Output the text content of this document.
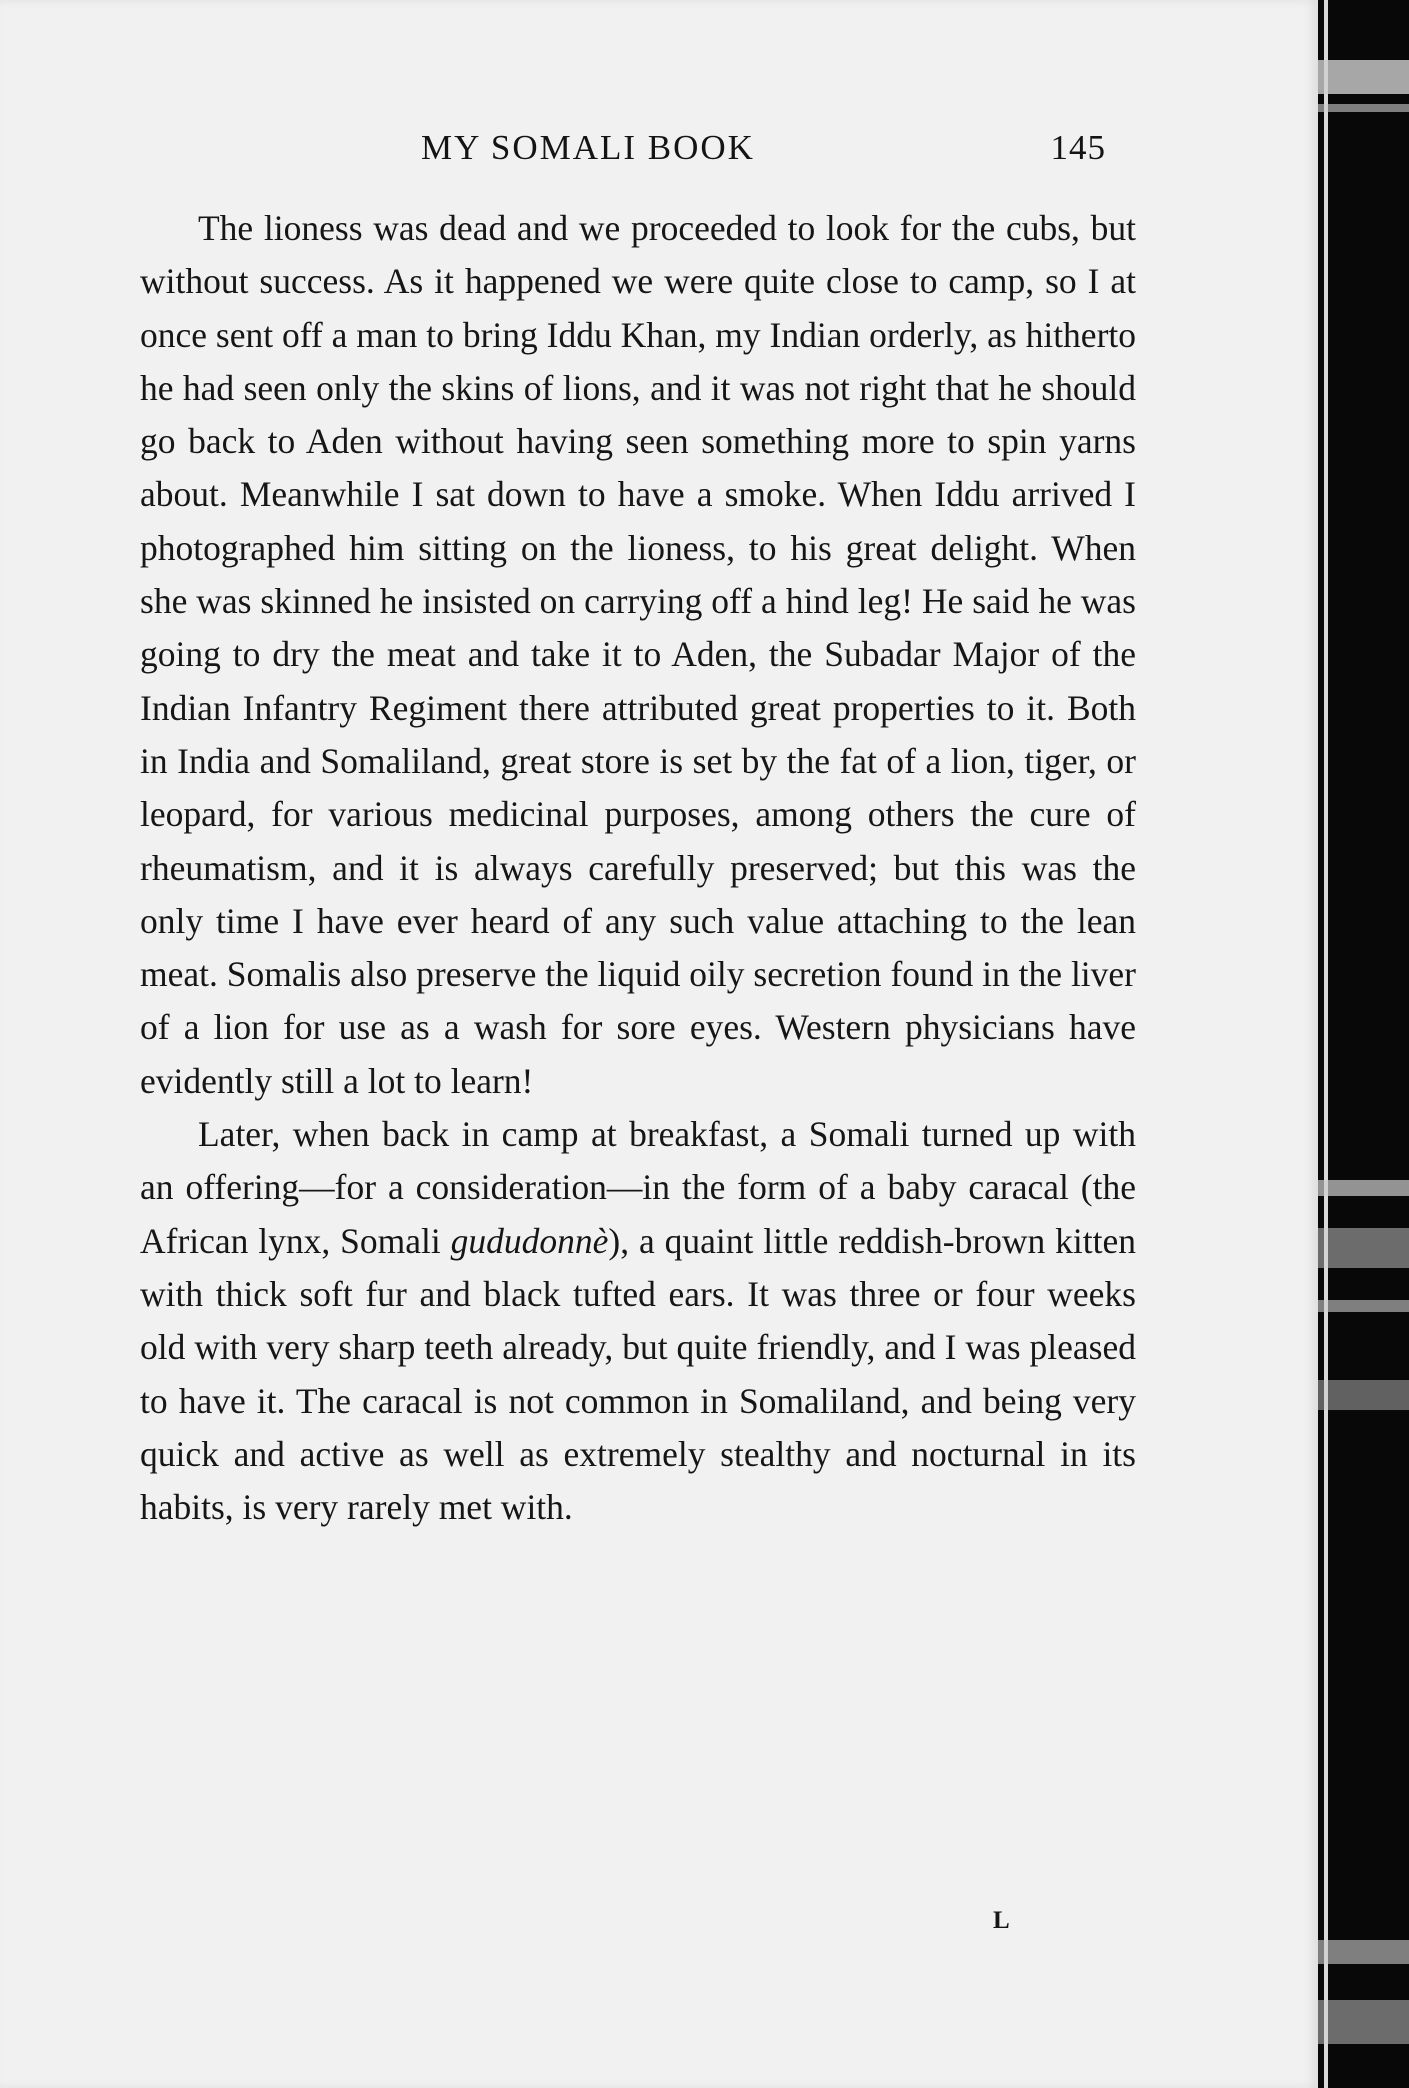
MY SOMALI BOOK	145

The lioness was dead and we proceeded to look for the cubs, but without success. As it happened we were quite close to camp, so I at once sent off a man to bring Iddu Khan, my Indian orderly, as hitherto he had seen only the skins of lions, and it was not right that he should go back to Aden without having seen something more to spin yarns about. Meanwhile I sat down to have a smoke. When Iddu arrived I photographed him sitting on the lioness, to his great delight. When she was skinned he insisted on carrying off a hind leg! He said he was going to dry the meat and take it to Aden, the Subadar Major of the Indian Infantry Regiment there attributed great properties to it. Both in India and Somaliland, great store is set by the fat of a lion, tiger, or leopard, for various medicinal purposes, among others the cure of rheumatism, and it is always carefully preserved; but this was the only time I have ever heard of any such value attaching to the lean meat. Somalis also preserve the liquid oily secretion found in the liver of a lion for use as a wash for sore eyes. Western physicians have evidently still a lot to learn!

Later, when back in camp at breakfast, a Somali turned up with an offering—for a consideration—in the form of a baby caracal (the African lynx, Somali gududonnè), a quaint little reddish-brown kitten with thick soft fur and black tufted ears. It was three or four weeks old with very sharp teeth already, but quite friendly, and I was pleased to have it. The caracal is not common in Somaliland, and being very quick and active as well as extremely stealthy and nocturnal in its habits, is very rarely met with.

L
